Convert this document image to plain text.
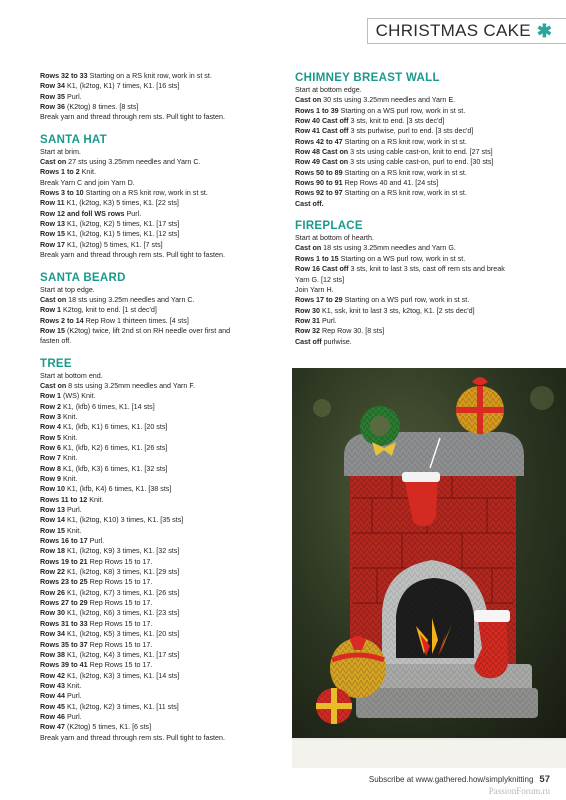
CHRISTMAS CAKE ✱
Rows 32 to 33 Starting on a RS knit row, work in st st.
Row 34 K1, (k2tog, K1) 7 times, K1. [16 sts]
Row 35 Purl.
Row 36 (K2tog) 8 times. [8 sts]
Break yarn and thread through rem sts. Pull tight to fasten.
SANTA HAT
Start at brim.
Cast on 27 sts using 3.25mm needles and Yarn C.
Rows 1 to 2 Knit.
Break Yarn C and join Yarn D.
Rows 3 to 10 Starting on a RS knit row, work in st st.
Row 11 K1, (k2tog, K3) 5 times, K1. [22 sts]
Row 12 and foll WS rows Purl.
Row 13 K1, (k2tog, K2) 5 times, K1. [17 sts]
Row 15 K1, (k2tog, K1) 5 times, K1. [12 sts]
Row 17 K1, (k2tog) 5 times, K1. [7 sts]
Break yarn and thread through rem sts. Pull tight to fasten.
SANTA BEARD
Start at top edge.
Cast on 18 sts using 3.25m needles and Yarn C.
Row 1 K2tog, knit to end. [1 st dec'd]
Rows 2 to 14 Rep Row 1 thirteen times. [4 sts]
Row 15 (K2tog) twice, lift 2nd st on RH needle over first and
fasten off.
TREE
Start at bottom end.
Cast on 8 sts using 3.25mm needles and Yarn F.
Row 1 (WS) Knit.
Row 2 K1, (kfb) 6 times, K1. [14 sts]
Row 3 Knit.
Row 4 K1, (kfb, K1) 6 times, K1. [20 sts]
Row 5 Knit.
Row 6 K1, (kfb, K2) 6 times, K1. [26 sts]
Row 7 Knit.
Row 8 K1, (kfb, K3) 6 times, K1. [32 sts]
Row 9 Knit.
Row 10 K1, (kfb, K4) 6 times, K1. [38 sts]
Rows 11 to 12 Knit.
Row 13 Purl.
Row 14 K1, (k2tog, K10) 3 times, K1. [35 sts]
Row 15 Knit.
Rows 16 to 17 Purl.
Row 18 K1, (k2tog, K9) 3 times, K1. [32 sts]
Rows 19 to 21 Rep Rows 15 to 17.
Row 22 K1, (k2tog, K8) 3 times, K1. [29 sts]
Rows 23 to 25 Rep Rows 15 to 17.
Row 26 K1, (k2tog, K7) 3 times, K1. [26 sts]
Rows 27 to 29 Rep Rows 15 to 17.
Row 30 K1, (k2tog, K6) 3 times, K1. [23 sts]
Rows 31 to 33 Rep Rows 15 to 17.
Row 34 K1, (k2tog, K5) 3 times, K1. [20 sts]
Rows 35 to 37 Rep Rows 15 to 17.
Row 38 K1, (k2tog, K4) 3 times, K1. [17 sts]
Rows 39 to 41 Rep Rows 15 to 17.
Row 42 K1, (k2tog, K3) 3 times, K1. [14 sts]
Row 43 Knit.
Row 44 Purl.
Row 45 K1, (k2tog, K2) 3 times, K1. [11 sts]
Row 46 Purl.
Row 47 (K2tog) 5 times, K1. [6 sts]
Break yarn and thread through rem sts. Pull tight to fasten.
CHIMNEY BREAST WALL
Start at bottom edge.
Cast on 30 sts using 3.25mm needles and Yarn E.
Rows 1 to 39 Starting on a WS purl row, work in st st.
Row 40 Cast off 3 sts, knit to end. [3 sts dec'd]
Row 41 Cast off 3 sts purlwise, purl to end. [3 sts dec'd]
Rows 42 to 47 Starting on a RS knit row, work in st st.
Row 48 Cast on 3 sts using cable cast-on, knit to end. [27 sts]
Row 49 Cast on 3 sts using cable cast-on, purl to end. [30 sts]
Rows 50 to 89 Starting on a RS knit row, work in st st.
Rows 90 to 91 Rep Rows 40 and 41. [24 sts]
Rows 92 to 97 Starting on a RS knit row, work in st st.
Cast off.
FIREPLACE
Start at bottom of hearth.
Cast on 18 sts using 3.25mm needles and Yarn G.
Rows 1 to 15 Starting on a WS purl row, work in st st.
Row 16 Cast off 3 sts, knit to last 3 sts, cast off rem sts and break
Yarn G. [12 sts]
Join Yarn H.
Rows 17 to 29 Starting on a WS purl row, work in st st.
Row 30 K1, ssk, knit to last 3 sts, k2tog, K1. [2 sts dec'd]
Row 31 Purl.
Row 32 Rep Row 30. [8 sts]
Cast off purlwise.
Subscribe at www.gathered.how/simplyknitting 57
PassionForum.ru
